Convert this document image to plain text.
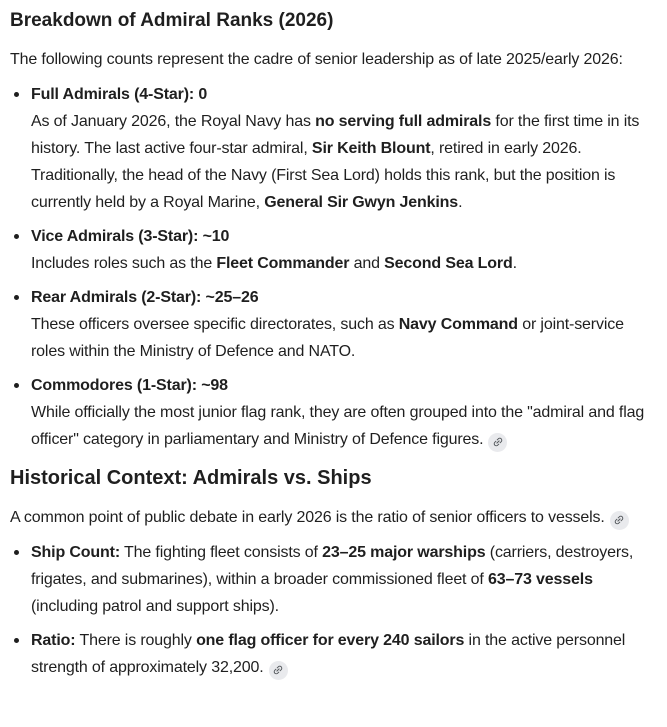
Breakdown of Admiral Ranks (2026)

The following counts represent the cadre of senior leadership as of late 2025/early 2026:

Full Admirals (4-Star): 0
As of January 2026, the Royal Navy has no serving full admirals for the first time in its history. The last active four-star admiral, Sir Keith Blount, retired in early 2026. Traditionally, the head of the Navy (First Sea Lord) holds this rank, but the position is currently held by a Royal Marine, General Sir Gwyn Jenkins.
Vice Admirals (3-Star): ~10
Includes roles such as the Fleet Commander and Second Sea Lord.
Rear Admirals (2-Star): ~25–26
These officers oversee specific directorates, such as Navy Command or joint-service roles within the Ministry of Defence and NATO.
Commodores (1-Star): ~98
While officially the most junior flag rank, they are often grouped into the "admiral and flag officer" category in parliamentary and Ministry of Defence figures.
Historical Context: Admirals vs. Ships

A common point of public debate in early 2026 is the ratio of senior officers to vessels.

Ship Count: The fighting fleet consists of 23–25 major warships (carriers, destroyers, frigates, and submarines), within a broader commissioned fleet of 63–73 vessels (including patrol and support ships).
Ratio: There is roughly one flag officer for every 240 sailors in the active personnel strength of approximately 32,200.
